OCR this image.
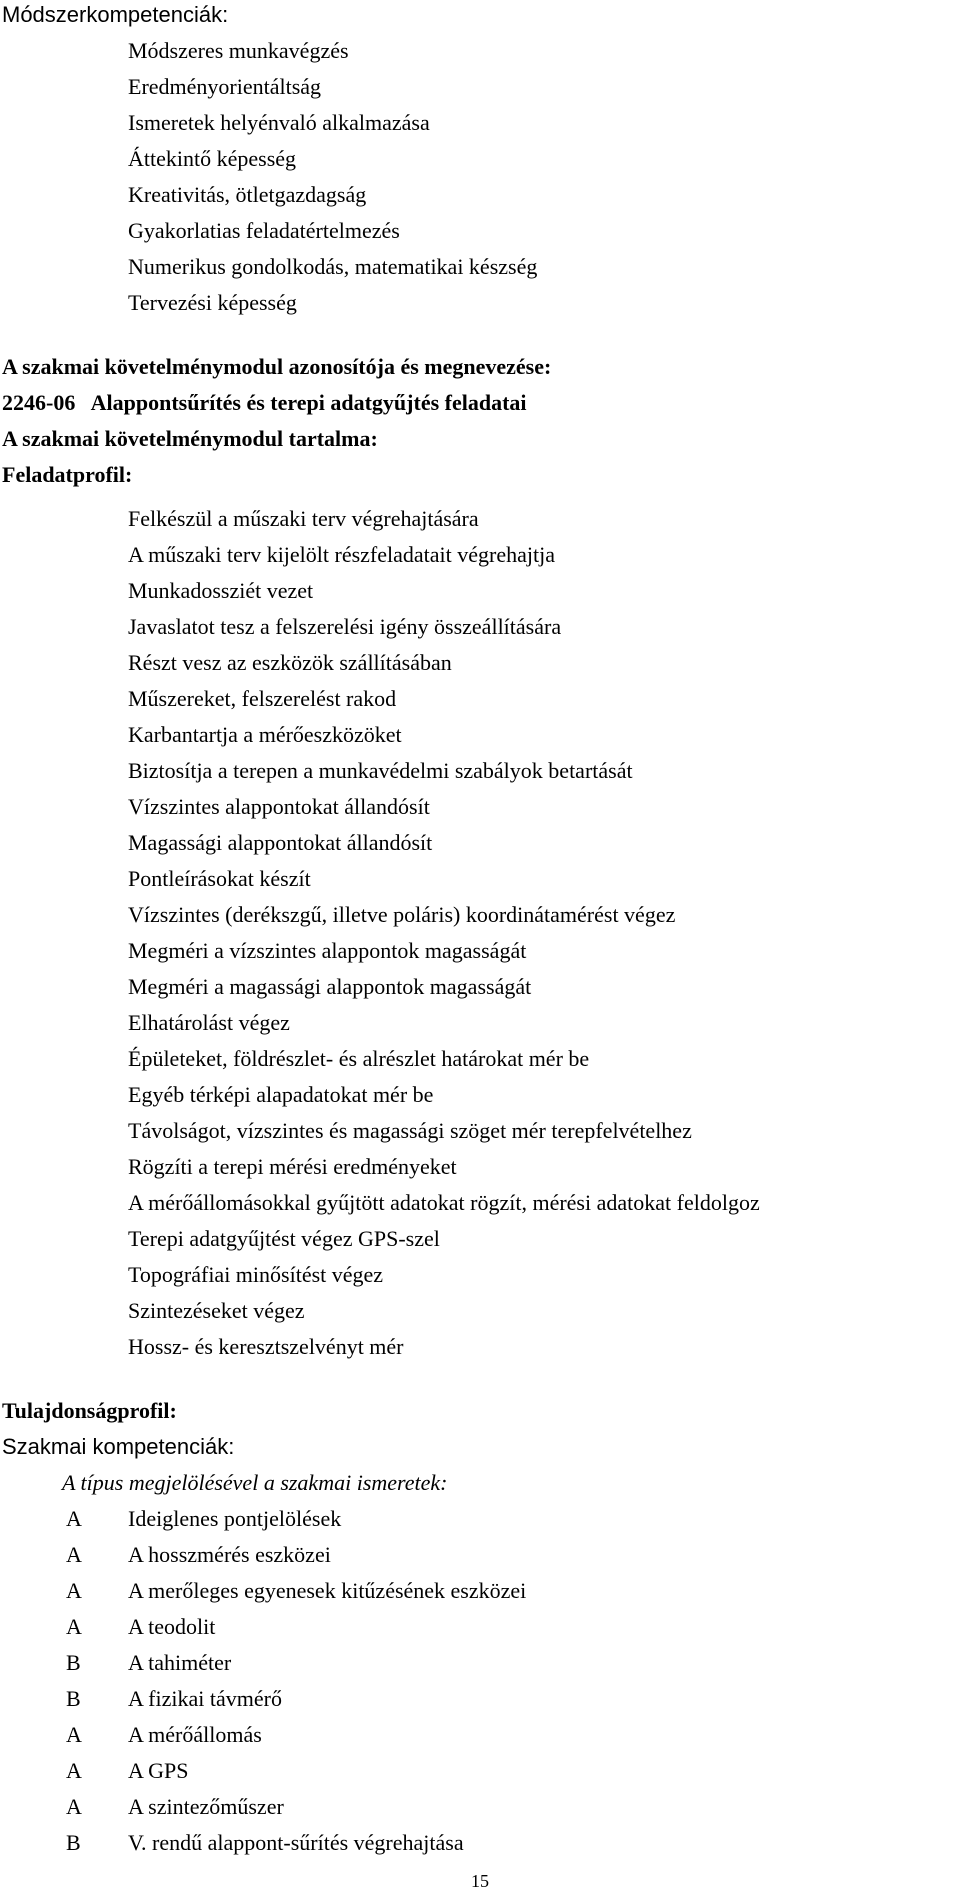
Módszerkompetenciák:
Módszeres munkavégzés
Eredményorientáltság
Ismeretek helyénvaló alkalmazása
Áttekintő képesség
Kreativitás, ötletgazdagság
Gyakorlatias feladatértelmezés
Numerikus gondolkodás, matematikai készség
Tervezési képesség
A szakmai követelménymodul azonosítója és megnevezése:
2246-06   Alappontsűrítés és terepi adatgyűjtés feladatai
A szakmai követelménymodul tartalma:
Feladatprofil:
Felkészül a műszaki terv végrehajtására
A műszaki terv kijelölt részfeladatait végrehajtja
Munkadossziét vezet
Javaslatot tesz a felszerelési igény összeállítására
Részt vesz az eszközök szállításában
Műszereket, felszerelést rakod
Karbantartja a mérőeszközöket
Biztosítja a terepen a munkavédelmi szabályok betartását
Vízszintes alappontokat állandósít
Magassági alappontokat állandósít
Pontleírásokat készít
Vízszintes (derékszgű, illetve poláris) koordinátamérést végez
Megméri a vízszintes alappontok magasságát
Megméri a magassági alappontok magasságát
Elhatárolást végez
Épületeket, földrészlet- és alrészlet határokat mér be
Egyéb térképi alapadatokat mér be
Távolságot, vízszintes és magassági szöget mér terepfelvételhez
Rögzíti a terepi mérési eredményeket
A mérőállomásokkal gyűjtött adatokat rögzít, mérési adatokat feldolgoz
Terepi adatgyűjtést végez GPS-szel
Topográfiai minősítést végez
Szintezéseket végez
Hossz- és keresztszelvényt mér
Tulajdonságprofil:
Szakmai kompetenciák:
A típus megjelölésével a szakmai ismeretek:
A	Ideiglenes pontjelölések
A	A hosszmérés eszközei
A	A merőleges egyenesek kitűzésének eszközei
A	A teodolit
B	A tahiméter
B	A fizikai távmérő
A	A mérőállomás
A	A GPS
A	A szintezőműszer
B	V. rendű alappont-sűrítés végrehajtása
15
